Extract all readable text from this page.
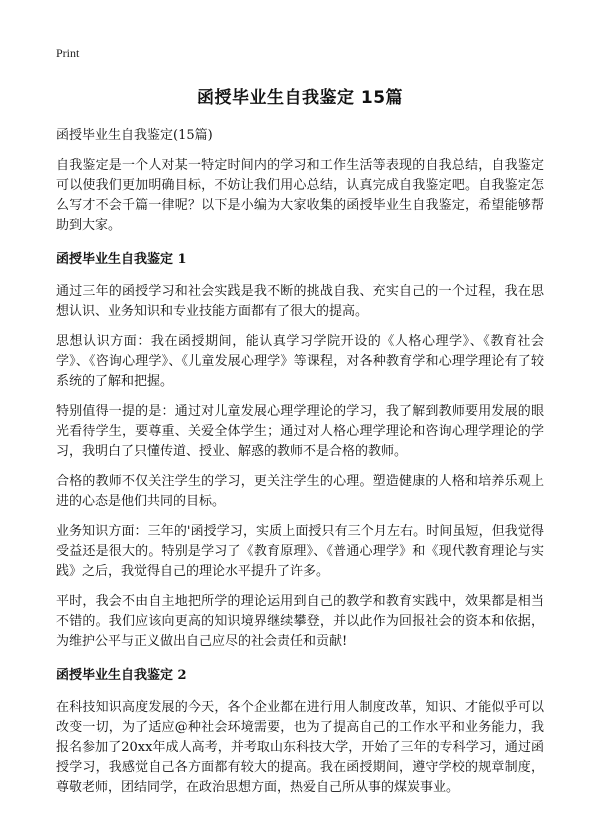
Print
函授毕业生自我鉴定 15篇

函授毕业生自我鉴定(15篇)

自我鉴定是一个人对某一特定时间内的学习和工作生活等表现的自我总结，自我鉴定可以使我们更加明确目标，不妨让我们用心总结，认真完成自我鉴定吧。自我鉴定怎么写才不会千篇一律呢？以下是小编为大家收集的函授毕业生自我鉴定，希望能够帮助到大家。

函授毕业生自我鉴定 1

通过三年的函授学习和社会实践是我不断的挑战自我、充实自己的一个过程，我在思想认识、业务知识和专业技能方面都有了很大的提高。

思想认识方面：我在函授期间，能认真学习学院开设的《人格心理学》、《教育社会学》、《咨询心理学》、《儿童发展心理学》等课程，对各种教育学和心理学理论有了较系统的了解和把握。

特别值得一提的是：通过对儿童发展心理学理论的学习，我了解到教师要用发展的眼光看待学生，要尊重、关爱全体学生；通过对人格心理学理论和咨询心理学理论的学习，我明白了只懂传道、授业、解惑的教师不是合格的教师。

合格的教师不仅关注学生的学习，更关注学生的心理。塑造健康的人格和培养乐观上进的心态是他们共同的目标。

业务知识方面：三年的'函授学习，实质上面授只有三个月左右。时间虽短，但我觉得受益还是很大的。特别是学习了《教育原理》、《普通心理学》和《现代教育理论与实践》之后，我觉得自己的理论水平提升了许多。

平时，我会不由自主地把所学的理论运用到自己的教学和教育实践中，效果都是相当不错的。我们应该向更高的知识境界继续攀登，并以此作为回报社会的资本和依据，为维护公平与正义做出自己应尽的社会责任和贡献!

函授毕业生自我鉴定 2

在科技知识高度发展的今天，各个企业都在进行用人制度改革，知识、才能似乎可以改变一切，为了适应@种社会环境需要，也为了提高自己的工作水平和业务能力，我报名参加了20xx年成人高考，并考取山东科技大学，开始了三年的专科学习，通过函授学习，我感觉自己各方面都有较大的提高。我在函授期间，遵守学校的规章制度，尊敬老师，团结同学，在政治思想方面，热爱自己所从事的煤炭事业。
